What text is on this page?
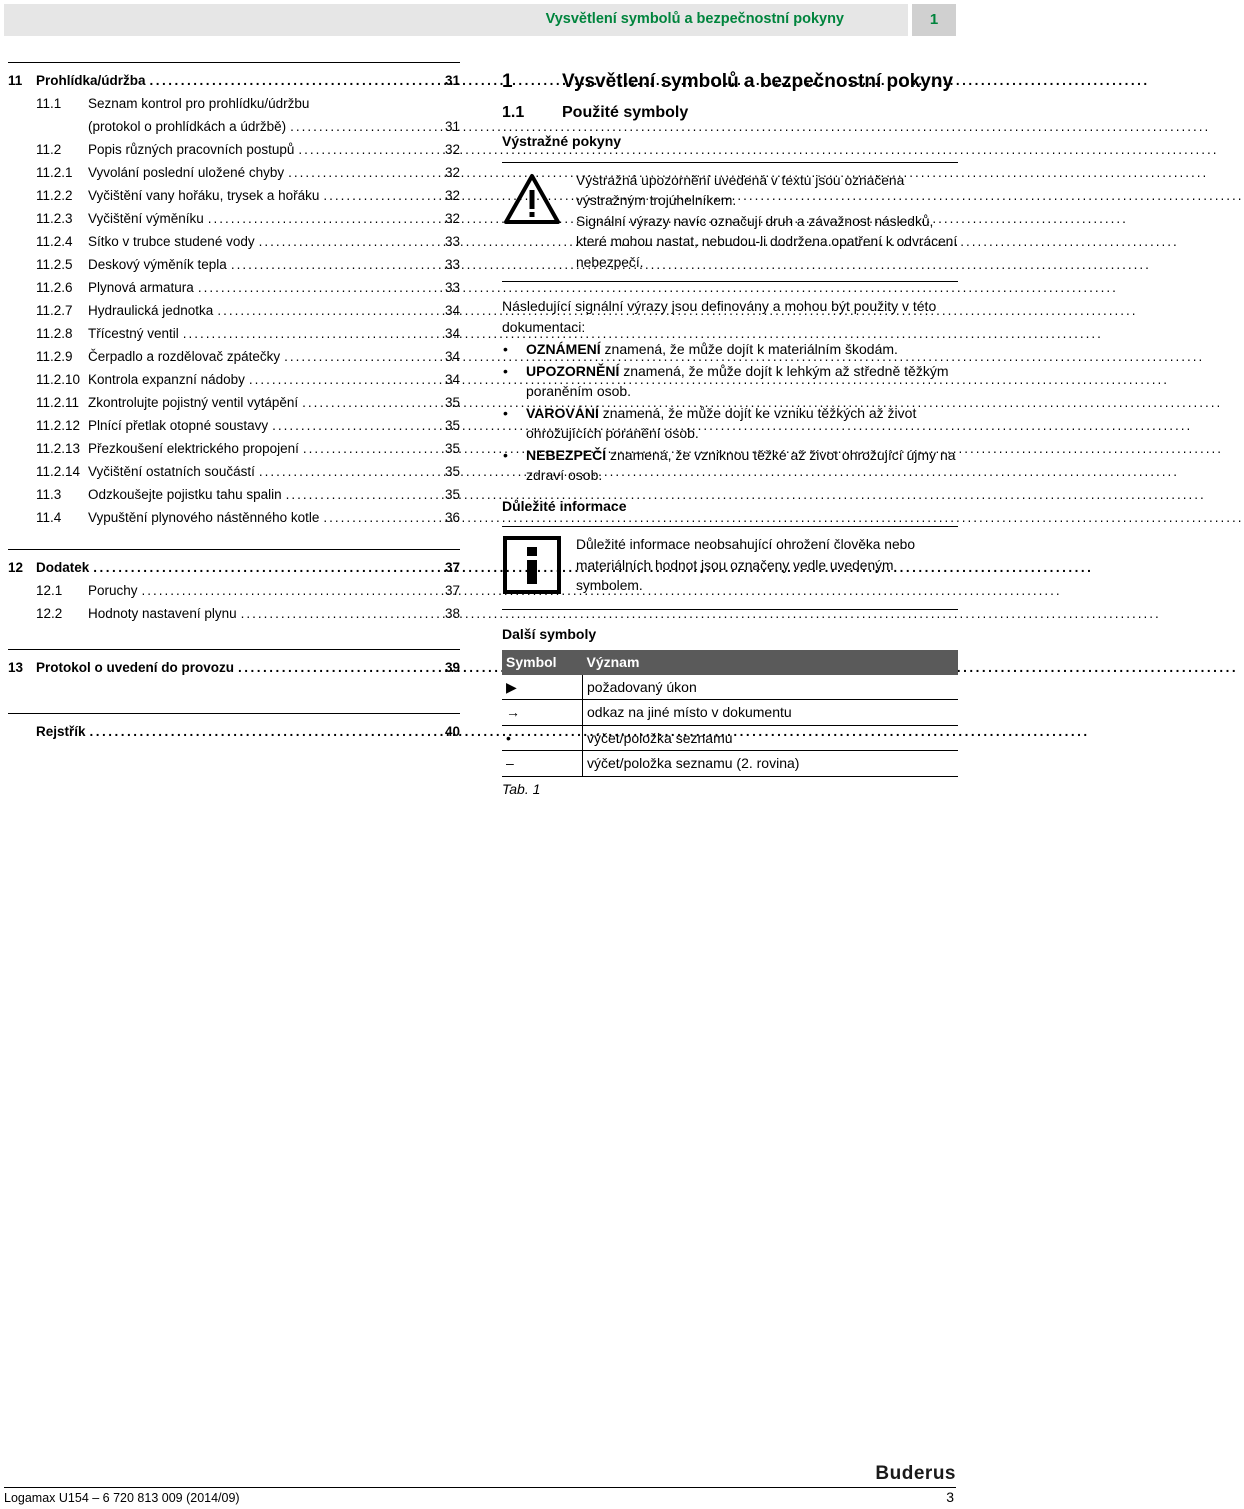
Vysvětlení symbolů a bezpečnostní pokyny	1
11	Prohlídka/údržba .....	31
11.1	Seznam kontrol pro prohlídku/údržbu
(protokol o prohlídkách a údržbě) .....	31
11.2	Popis různých pracovních postupů .....	32
11.2.1	Vyvolání poslední uložené chyby .....	32
11.2.2	Vyčištění vany hořáku, trysek a hořáku .....	32
11.2.3	Vyčištění výměníku .....	32
11.2.4	Sítko v trubce studené vody .....	33
11.2.5	Deskový výměník tepla .....	33
11.2.6	Plynová armatura .....	33
11.2.7	Hydraulická jednotka .....	34
11.2.8	Třícestný ventil .....	34
11.2.9	Čerpadlo a rozdělovač zpátečky .....	34
11.2.10 Kontrola expanzní nádoby .....	34
11.2.11 Zkontrolujte pojistný ventil vytápění .....	35
11.2.12 Plnící přetlak otopné soustavy .....	35
11.2.13 Přezkoušení elektrického propojení .....	35
11.2.14 Vyčištění ostatních součástí .....	35
11.3	Odzkoušejte pojistku tahu spalin .....	35
11.4	Vypuštění plynového nástěnného kotle .....	36
12 Dodatek .....	37
12.1	Poruchy .....	37
12.2	Hodnoty nastavení plynu .....	38
13 Protokol o uvedení do provozu .....	39
Rejstřík .....	40
1	Vysvětlení symbolů a bezpečnostní pokyny
1.1	Použité symboly
Výstražné pokyny
Výstražná upozornění uvedená v textu jsou označena výstražným trojúhelníkem.
Signální výrazy navíc označují druh a závažnost následků, které mohou nastat, nebudou-li dodržena opatření k odvrácení nebezpečí.
Následující signální výrazy jsou definovány a mohou být použity v této dokumentaci:
• OZNÁMENÍ znamená, že může dojít k materiálním škodám.
• UPOZORNĚNÍ znamená, že může dojít k lehkým až středně těžkým poraněním osob.
• VAROVÁNÍ znamená, že může dojít ke vzniku těžkých až život ohrožujících poranění osob.
• NEBEZPEČÍ znamená, že vzniknou těžké až život ohrožující újmy na zdraví osob.
Důležité informace
Důležité informace neobsahující ohrožení člověka nebo materiálních hodnot jsou označeny vedle uvedeným symbolem.
Další symboly
Symbol	Význam
▶	požadovaný úkon
→	odkaz na jiné místo v dokumentu
•	výčet/položka seznamu
–	výčet/položka seznamu (2. rovina)
Tab. 1
Buderus
Logamax U154 – 6 720 813 009 (2014/09)	3
